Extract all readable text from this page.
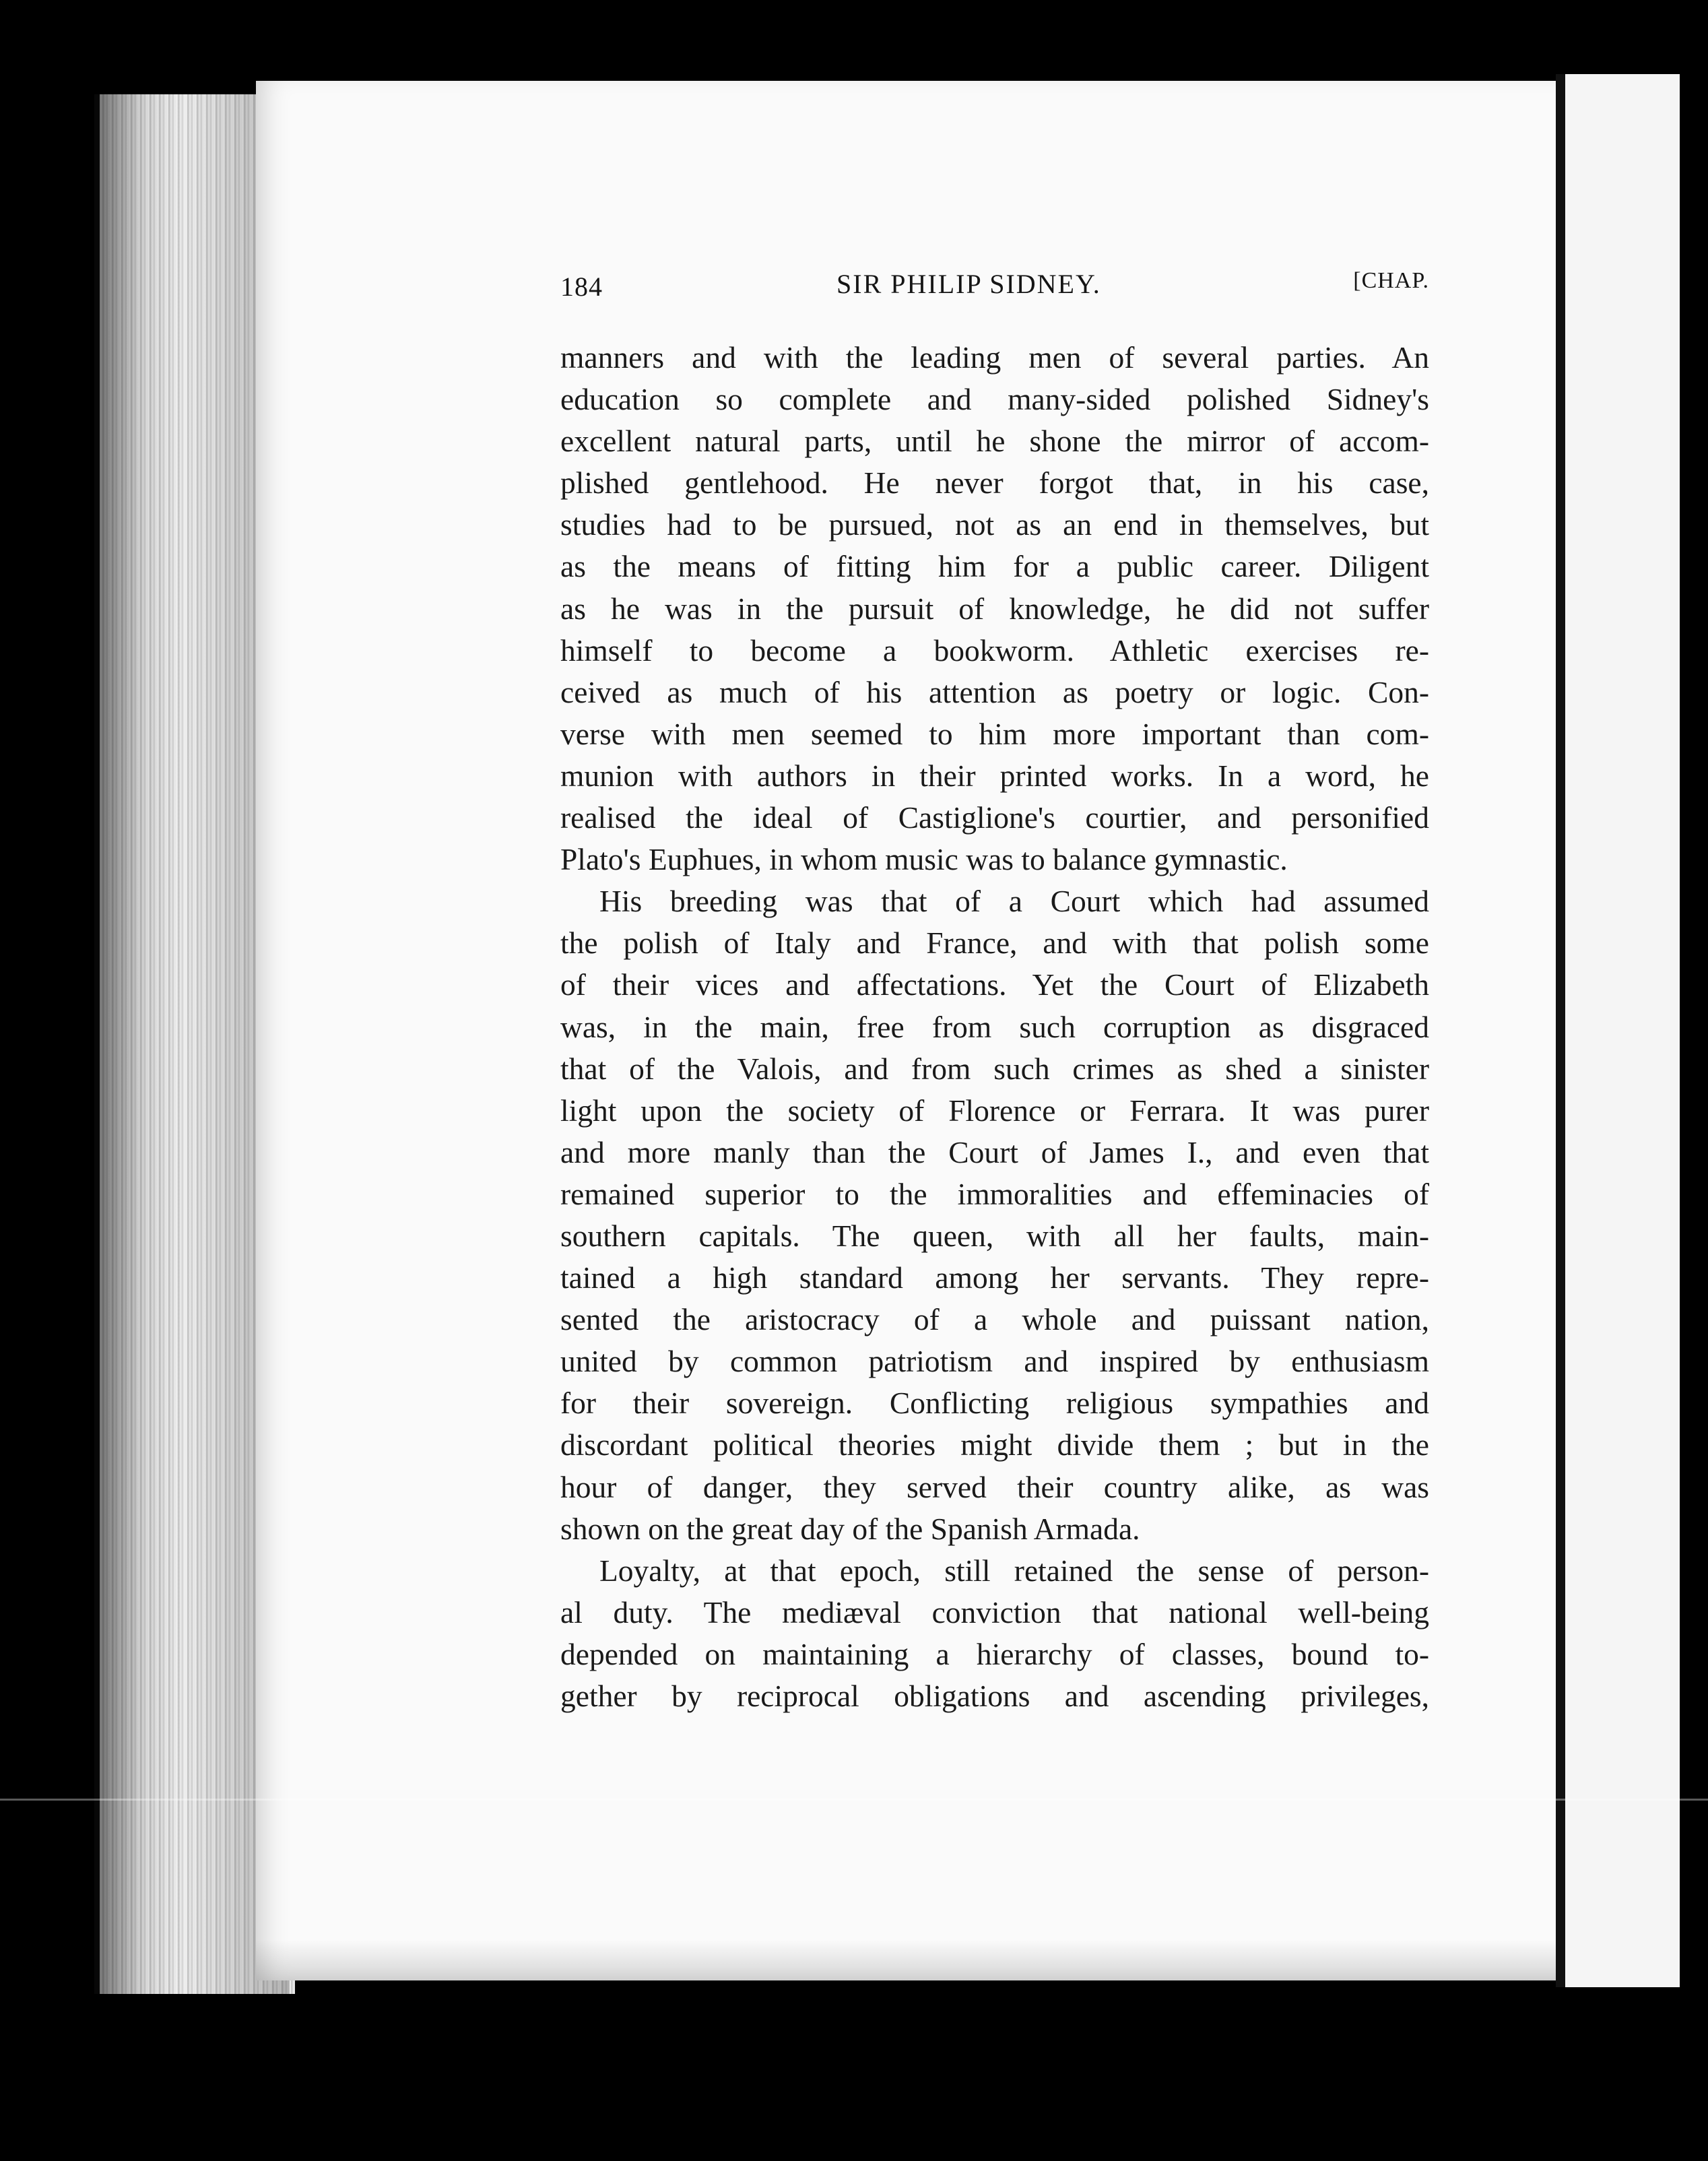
184	SIR PHILIP SIDNEY.	[CHAP.
manners and with the leading men of several parties. An
education so complete and many-sided polished Sidney's
excellent natural parts, until he shone the mirror of accom-
plished gentlehood. He never forgot that, in his case,
studies had to be pursued, not as an end in themselves, but
as the means of fitting him for a public career. Diligent
as he was in the pursuit of knowledge, he did not suffer
himself to become a bookworm. Athletic exercises re-
ceived as much of his attention as poetry or logic. Con-
verse with men seemed to him more important than com-
munion with authors in their printed works. In a word, he
realised the ideal of Castiglione's courtier, and personified
Plato's Euphues, in whom music was to balance gymnastic.
His breeding was that of a Court which had assumed
the polish of Italy and France, and with that polish some
of their vices and affectations. Yet the Court of Elizabeth
was, in the main, free from such corruption as disgraced
that of the Valois, and from such crimes as shed a sinister
light upon the society of Florence or Ferrara. It was purer
and more manly than the Court of James I., and even that
remained superior to the immoralities and effeminacies of
southern capitals. The queen, with all her faults, main-
tained a high standard among her servants. They repre-
sented the aristocracy of a whole and puissant nation,
united by common patriotism and inspired by enthusiasm
for their sovereign. Conflicting religious sympathies and
discordant political theories might divide them ; but in the
hour of danger, they served their country alike, as was
shown on the great day of the Spanish Armada.
Loyalty, at that epoch, still retained the sense of person-
al duty. The mediæval conviction that national well-being
depended on maintaining a hierarchy of classes, bound to-
gether by reciprocal obligations and ascending privileges,
